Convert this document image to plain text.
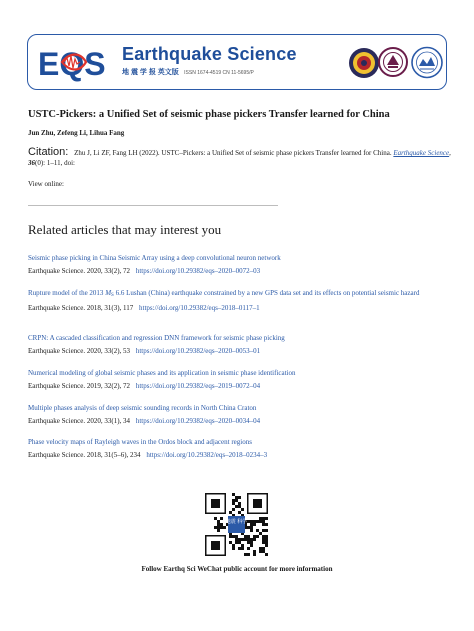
EQS Earthquake Science
地 震 学 报 英文版 ISSN 1674-4519 CN 11-5695/P
USTC-Pickers: a Unified Set of seismic phase pickers Transfer learned for China
Jun Zhu, Zefeng Li, Lihua Fang
Citation: Zhu J, Li ZF, Fang LH (2022). USTC–Pickers: a Unified Set of seismic phase pickers Transfer learned for China. Earthquake Science, 36(0): 1–11, doi:
View online:
Related articles that may interest you
Seismic phase picking in China Seismic Array using a deep convolutional neuron network
Earthquake Science. 2020, 33(2), 72 https://doi.org/10.29382/eqs–2020–0072–03
Rupture model of the 2013 $M_S$ 6.6 Lushan (China) earthquake constrained by a new GPS data set and its effects on potential seismic hazard
Earthquake Science. 2018, 31(3), 117 https://doi.org/10.29382/eqs–2018–0117–1
CRPN: A cascaded classification and regression DNN framework for seismic phase picking
Earthquake Science. 2020, 33(2), 53 https://doi.org/10.29382/eqs–2020–0053–01
Numerical modeling of global seismic phases and its application in seismic phase identification
Earthquake Science. 2019, 32(2), 72 https://doi.org/10.29382/eqs–2019–0072–04
Multiple phases analysis of deep seismic sounding records in North China Craton
Earthquake Science. 2020, 33(1), 34 https://doi.org/10.29382/eqs–2020–0034–04
Phase velocity maps of Rayleigh waves in the Ordos block and adjacent regions
Earthquake Science. 2018, 31(5–6), 234 https://doi.org/10.29382/eqs–2018–0234–3
地震 科学
Follow Earthq Sci WeChat public account for more information
